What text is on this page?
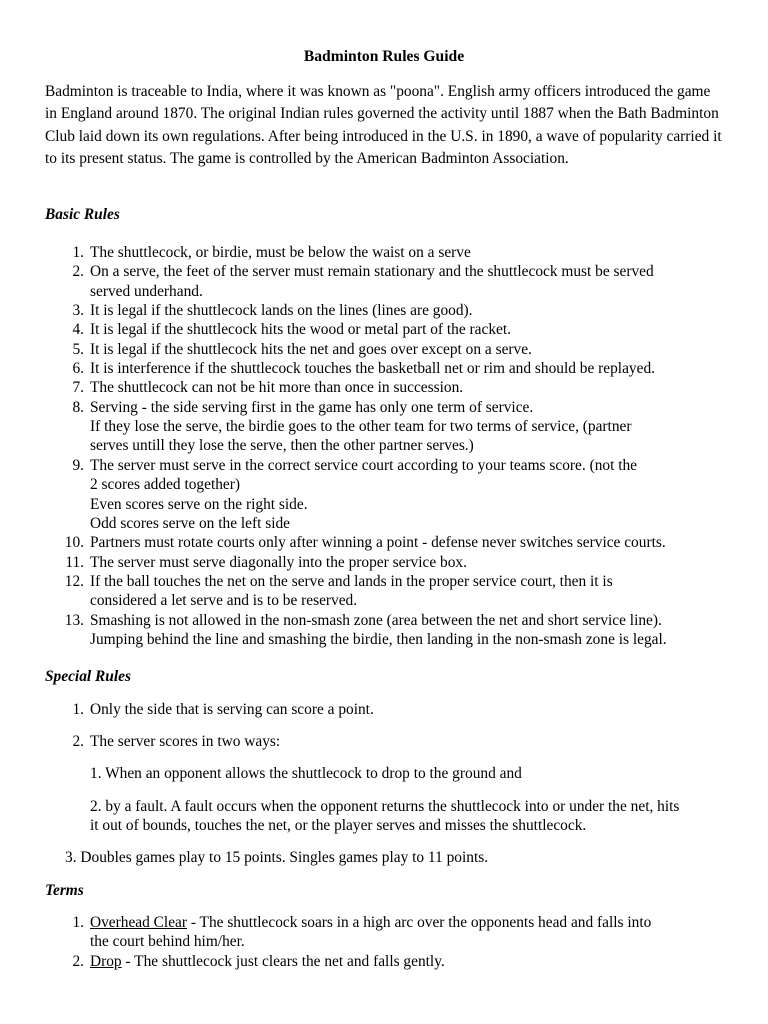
Badminton Rules Guide

Badminton is traceable to India, where it was known as "poona". English army officers introduced the game in England around 1870. The original Indian rules governed the activity until 1887 when the Bath Badminton Club laid down its own regulations. After being introduced in the U.S. in 1890, a wave of popularity carried it to its present status. The game is controlled by the American Badminton Association.

Basic Rules
1. The shuttlecock, or birdie, must be below the waist on a serve
2. On a serve, the feet of the server must remain stationary and the shuttlecock must be served
served underhand.
3. It is legal if the shuttlecock lands on the lines (lines are good).
4. It is legal if the shuttlecock hits the wood or metal part of the racket.
5. It is legal if the shuttlecock hits the net and goes over except on a serve.
6. It is interference if the shuttlecock touches the basketball net or rim and should be replayed.
7. The shuttlecock can not be hit more than once in succession.
8. Serving - the side serving first in the game has only one term of service.
If they lose the serve, the birdie goes to the other team for two terms of service, (partner
serves untill they lose the serve, then the other partner serves.)
9. The server must serve in the correct service court according to your teams score. (not the
2 scores added together)
Even scores serve on the right side.
Odd scores serve on the left side
10. Partners must rotate courts only after winning a point - defense never switches service courts.
11. The server must serve diagonally into the proper service box.
12. If the ball touches the net on the serve and lands in the proper service court, then it is
considered a let serve and is to be reserved.
13. Smashing is not allowed in the non-smash zone (area between the net and short service line).
Jumping behind the line and smashing the birdie, then landing in the non-smash zone is legal.
Special Rules
1. Only the side that is serving can score a point.
2. The server scores in two ways:
1. When an opponent allows the shuttlecock to drop to the ground and
2. by a fault. A fault occurs when the opponent returns the shuttlecock into or under the net, hits
it out of bounds, touches the net, or the player serves and misses the shuttlecock.
3. Doubles games play to 15 points. Singles games play to 11 points.
Terms
1. Overhead Clear - The shuttlecock soars in a high arc over the opponents head and falls into
the court behind him/her.
2. Drop - The shuttlecock just clears the net and falls gently.
